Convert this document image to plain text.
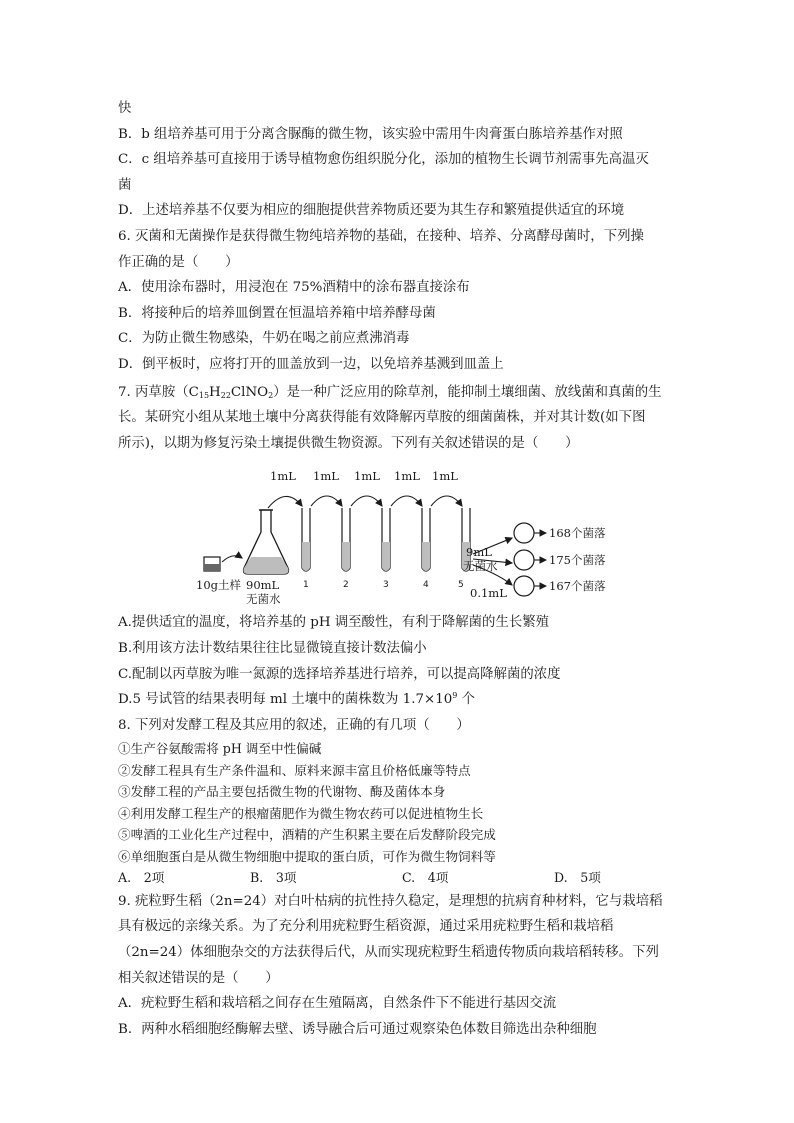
快
B．b 组培养基可用于分离含脲酶的微生物，该实验中需用牛肉膏蛋白胨培养基作对照
C．c 组培养基可直接用于诱导植物愈伤组织脱分化，添加的植物生长调节剂需事先高温灭
菌
D．上述培养基不仅要为相应的细胞提供营养物质还要为其生存和繁殖提供适宜的环境
6. 灭菌和无菌操作是获得微生物纯培养物的基础，在接种、培养、分离酵母菌时，下列操
作正确的是（　　）
A．使用涂布器时，用浸泡在 75%酒精中的涂布器直接涂布
B．将接种后的培养皿倒置在恒温培养箱中培养酵母菌
C．为防止微生物感染，牛奶在喝之前应煮沸消毒
D．倒平板时，应将打开的皿盖放到一边，以免培养基溅到皿盖上
7. 丙草胺$(C_{15}H_{22}ClNO_2)$是一种广泛应用的除草剂，能抑制土壤细菌、放线菌和真菌的生
长。某研究小组从某地土壤中分离获得能有效降解丙草胺的细菌菌株，并对其计数(如下图
所示)，以期为修复污染土壤提供微生物资源。下列有关叙述错误的是（　　）
10g土样 90mL
无菌水
1mL 1mL 1mL 1mL 1mL
1	2	3	4	5
9mL
无菌水
0.1mL
168个菌落
175个菌落
167个菌落
A.提供适宜的温度，将培养基的 pH 调至酸性，有利于降解菌的生长繁殖
B.利用该方法计数结果往往比显微镜直接计数法偏小
C.配制以丙草胺为唯一氮源的选择培养基进行培养，可以提高降解菌的浓度
D.5 号试管的结果表明每 ml 土壤中的菌株数为 $1.7\times 10^9$ 个
8. 下列对发酵工程及其应用的叙述，正确的有几项（　　）
①生产谷氨酸需将 pH 调至中性偏碱
②发酵工程具有生产条件温和、原料来源丰富且价格低廉等特点
③发酵工程的产品主要包括微生物的代谢物、酶及菌体本身
④利用发酵工程生产的根瘤菌肥作为微生物农药可以促进植物生长
⑤啤酒的工业化生产过程中，酒精的产生积累主要在后发酵阶段完成
⑥单细胞蛋白是从微生物细胞中提取的蛋白质，可作为微生物饲料等
A.　2项	B.　3项	C.　4项	D.　5项
9. 疣粒野生稻（2n=24）对白叶枯病的抗性持久稳定，是理想的抗病育种材料，它与栽培稻
具有极远的亲缘关系。为了充分利用疣粒野生稻资源，通过采用疣粒野生稻和栽培稻
（2n=24）体细胞杂交的方法获得后代，从而实现疣粒野生稻遗传物质向栽培稻转移。下列
相关叙述错误的是（　　）
A．疣粒野生稻和栽培稻之间存在生殖隔离，自然条件下不能进行基因交流
B．两种水稻细胞经酶解去壁、诱导融合后可通过观察染色体数目筛选出杂种细胞
